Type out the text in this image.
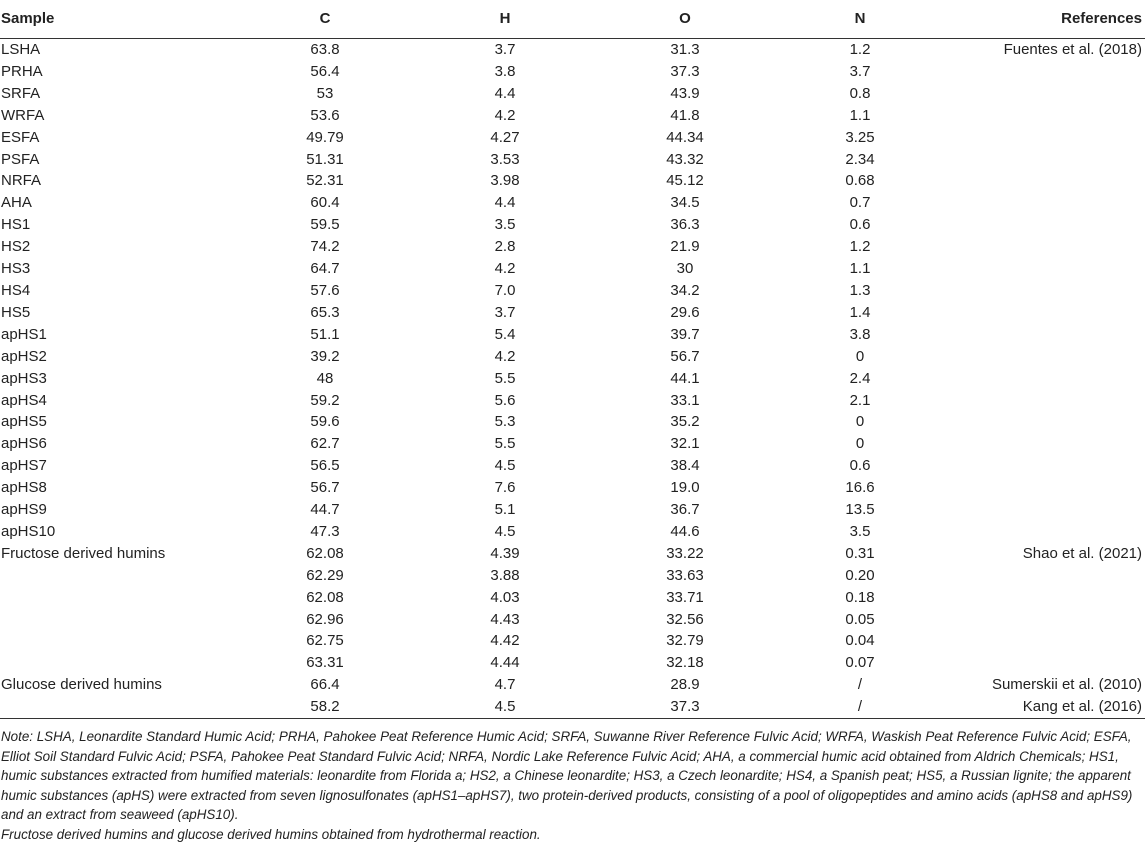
Sample	C	H	O	N	References
LSHA	63.8	3.7	31.3	1.2	Fuentes et al. (2018)
PRHA	56.4	3.8	37.3	3.7	
SRFA	53	4.4	43.9	0.8	
WRFA	53.6	4.2	41.8	1.1	
ESFA	49.79	4.27	44.34	3.25	
PSFA	51.31	3.53	43.32	2.34	
NRFA	52.31	3.98	45.12	0.68	
AHA	60.4	4.4	34.5	0.7	
HS1	59.5	3.5	36.3	0.6	
HS2	74.2	2.8	21.9	1.2	
HS3	64.7	4.2	30	1.1	
HS4	57.6	7.0	34.2	1.3	
HS5	65.3	3.7	29.6	1.4	
apHS1	51.1	5.4	39.7	3.8	
apHS2	39.2	4.2	56.7	0	
apHS3	48	5.5	44.1	2.4	
apHS4	59.2	5.6	33.1	2.1	
apHS5	59.6	5.3	35.2	0	
apHS6	62.7	5.5	32.1	0	
apHS7	56.5	4.5	38.4	0.6	
apHS8	56.7	7.6	19.0	16.6	
apHS9	44.7	5.1	36.7	13.5	
apHS10	47.3	4.5	44.6	3.5	
Fructose derived humins	62.08	4.39	33.22	0.31	Shao et al. (2021)
	62.29	3.88	33.63	0.20	
	62.08	4.03	33.71	0.18	
	62.96	4.43	32.56	0.05	
	62.75	4.42	32.79	0.04	
	63.31	4.44	32.18	0.07	
Glucose derived humins	66.4	4.7	28.9	/	Sumerskii et al. (2010)
	58.2	4.5	37.3	/	Kang et al. (2016)

Note: LSHA, Leonardite Standard Humic Acid; PRHA, Pahokee Peat Reference Humic Acid; SRFA, Suwanne River Reference Fulvic Acid; WRFA, Waskish Peat Reference Fulvic Acid; ESFA, Elliot Soil Standard Fulvic Acid; PSFA, Pahokee Peat Standard Fulvic Acid; NRFA, Nordic Lake Reference Fulvic Acid; AHA, a commercial humic acid obtained from Aldrich Chemicals; HS1, humic substances extracted from humified materials: leonardite from Florida a; HS2, a Chinese leonardite; HS3, a Czech leonardite; HS4, a Spanish peat; HS5, a Russian lignite; the apparent humic substances (apHS) were extracted from seven lignosulfonates (apHS1–apHS7), two protein-derived products, consisting of a pool of oligopeptides and amino acids (apHS8 and apHS9) and an extract from seaweed (apHS10).

Fructose derived humins and glucose derived humins obtained from hydrothermal reaction.
